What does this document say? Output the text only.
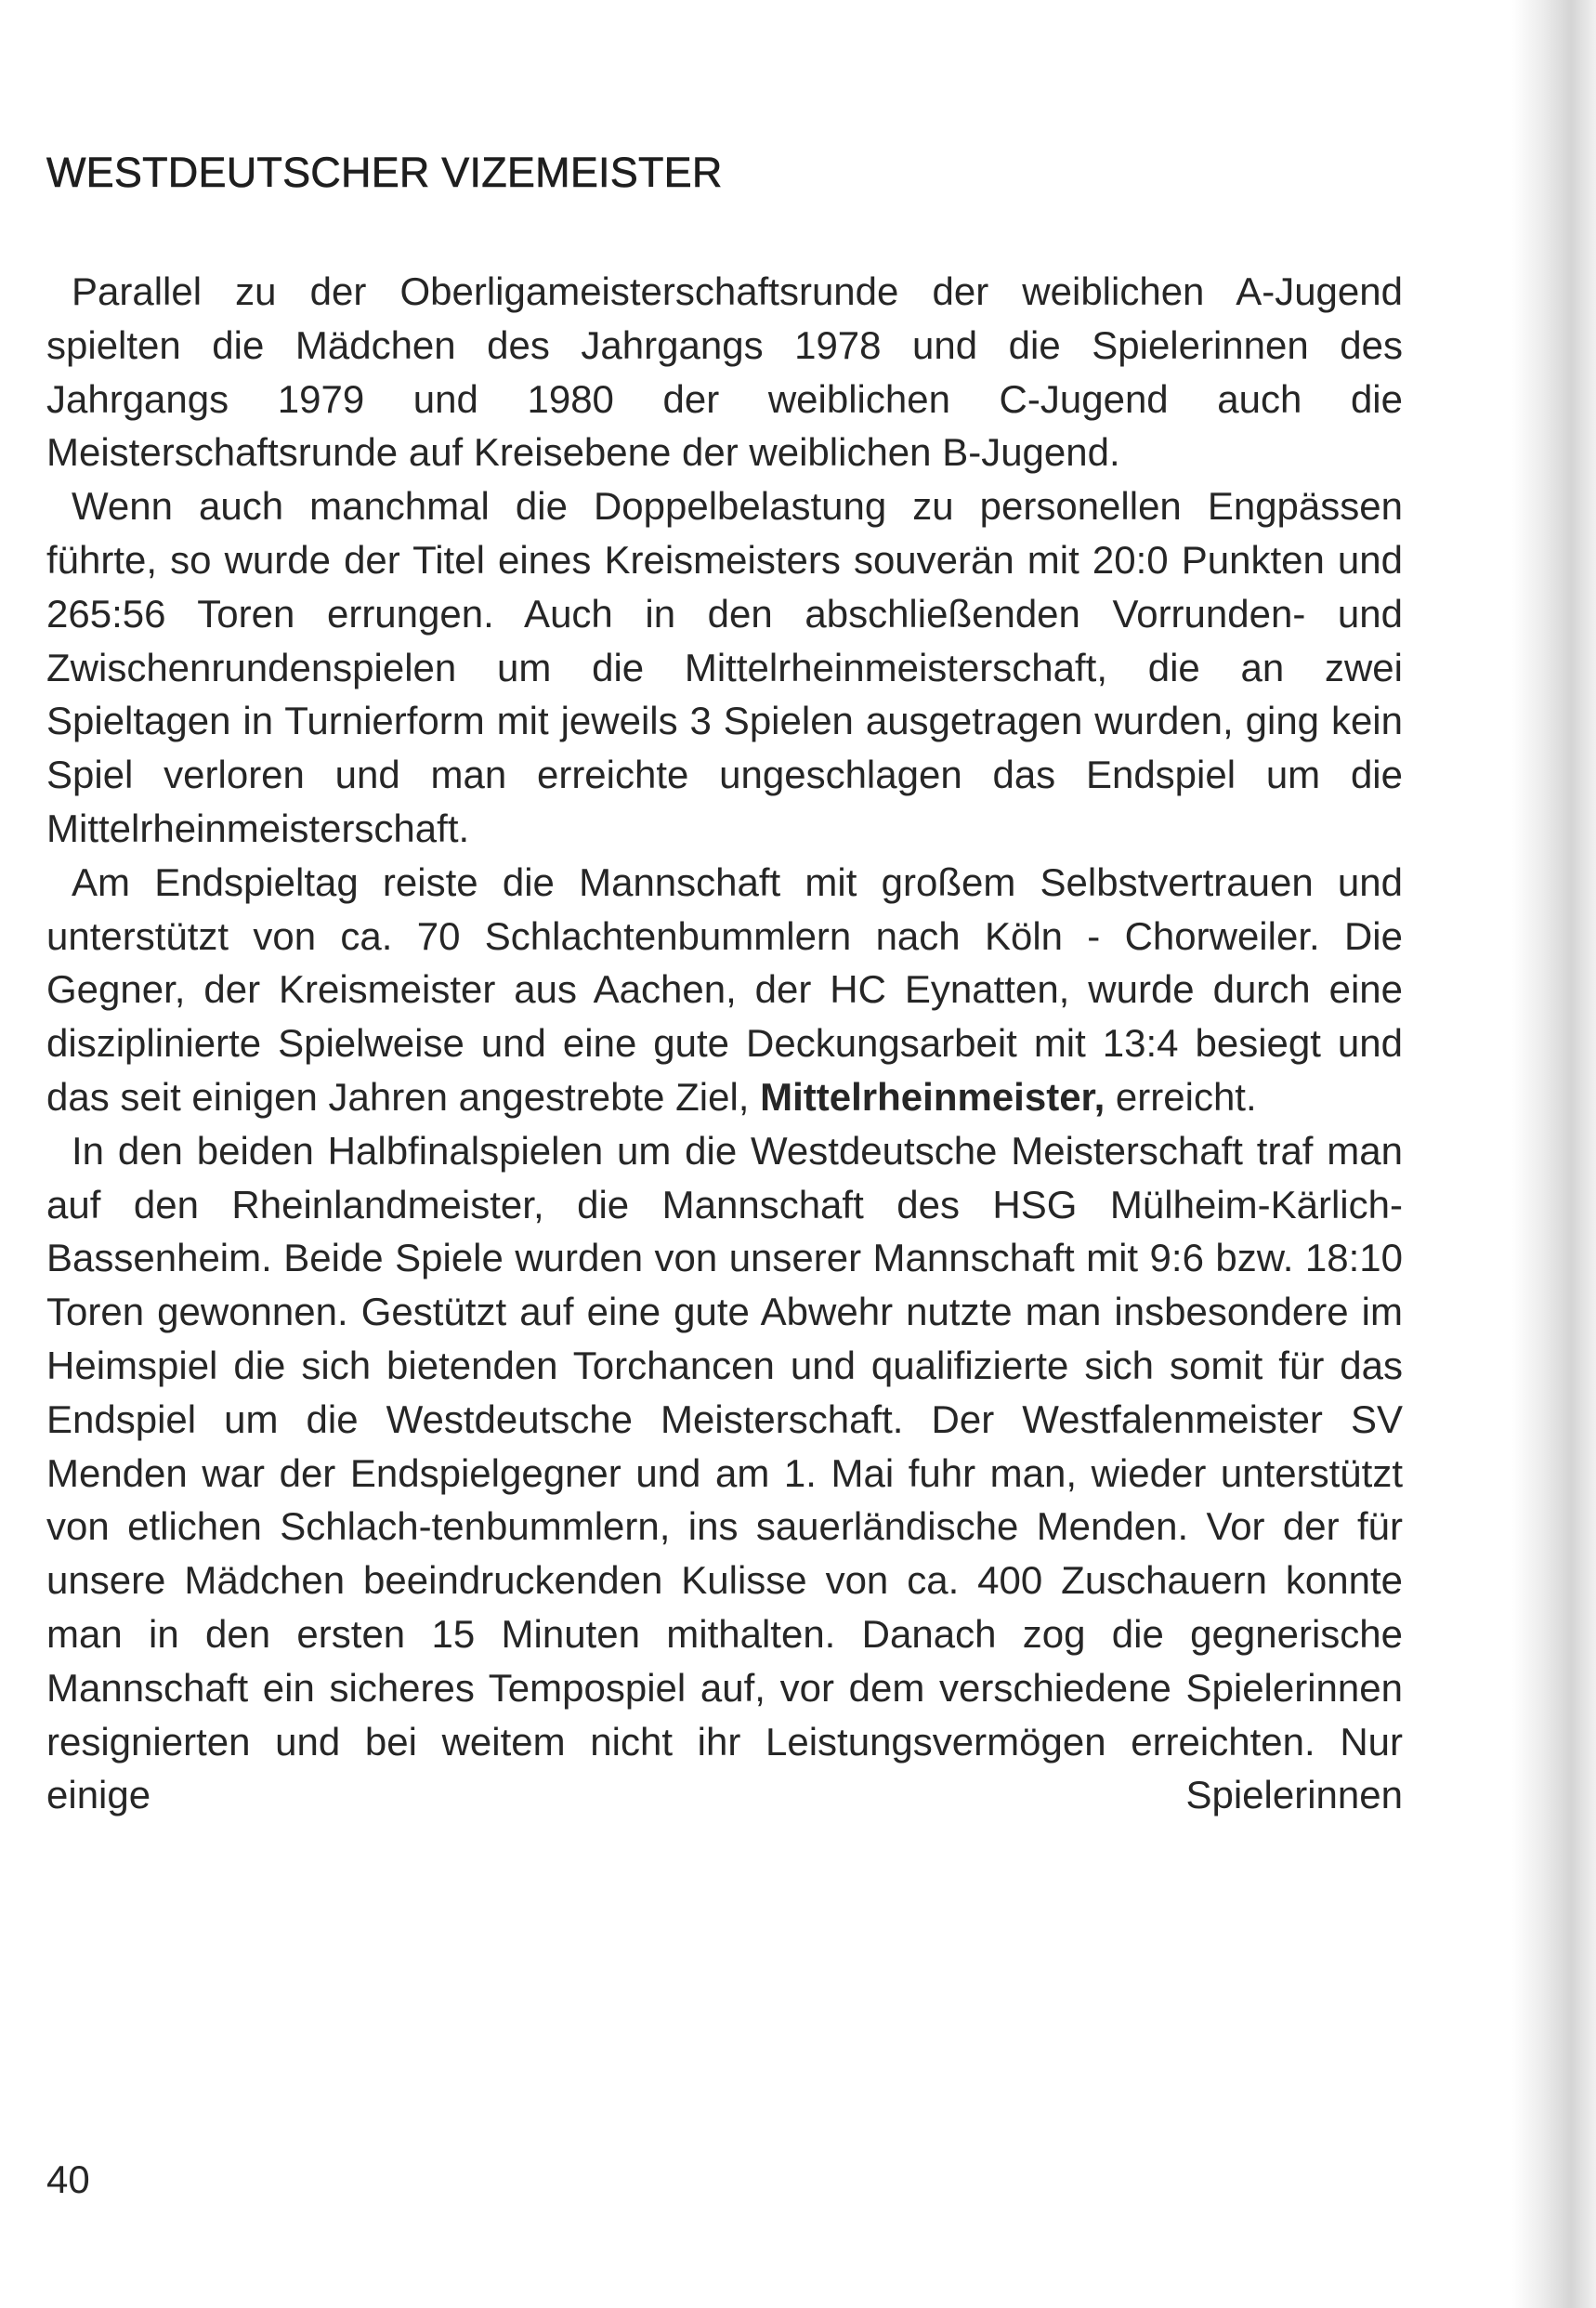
WESTDEUTSCHER VIZEMEISTER

Parallel zu der Oberligameisterschaftsrunde der weiblichen A-Jugend spielten die Mädchen des Jahrgangs 1978 und die Spielerinnen des Jahrgangs 1979 und 1980 der weiblichen C-Jugend auch die Meisterschaftsrunde auf Kreisebene der weiblichen B-Jugend.

Wenn auch manchmal die Doppelbelastung zu personellen Engpässen führte, so wurde der Titel eines Kreismeisters souverän mit 20:0 Punkten und 265:56 Toren errungen. Auch in den abschließenden Vorrunden- und Zwischenrundenspielen um die Mittelrheinmeisterschaft, die an zwei Spieltagen in Turnierform mit jeweils 3 Spielen ausgetragen wurden, ging kein Spiel verloren und man erreichte ungeschlagen das Endspiel um die Mittelrheinmeisterschaft.

Am Endspieltag reiste die Mannschaft mit großem Selbstvertrauen und unterstützt von ca. 70 Schlachtenbummlern nach Köln - Chorweiler. Die Gegner, der Kreismeister aus Aachen, der HC Eynatten, wurde durch eine disziplinierte Spielweise und eine gute Deckungsarbeit mit 13:4 besiegt und das seit einigen Jahren angestrebte Ziel, Mittelrheinmeister, erreicht.

In den beiden Halbfinalspielen um die Westdeutsche Meisterschaft traf man auf den Rheinlandmeister, die Mannschaft des HSG Mülheim-Kärlich-Bassenheim. Beide Spiele wurden von unserer Mannschaft mit 9:6 bzw. 18:10 Toren gewonnen. Gestützt auf eine gute Abwehr nutzte man insbesondere im Heimspiel die sich bietenden Torchancen und qualifizierte sich somit für das Endspiel um die Westdeutsche Meisterschaft. Der Westfalenmeister SV Menden war der Endspielgegner und am 1. Mai fuhr man, wieder unterstützt von etlichen Schlach-tenbummlern, ins sauerländische Menden. Vor der für unsere Mädchen beeindruckenden Kulisse von ca. 400 Zuschauern konnte man in den ersten 15 Minuten mithalten. Danach zog die gegnerische Mannschaft ein sicheres Tempospiel auf, vor dem verschiedene Spielerinnen resignierten und bei weitem nicht ihr Leistungsvermögen erreichten. Nur einige Spielerinnen

40
